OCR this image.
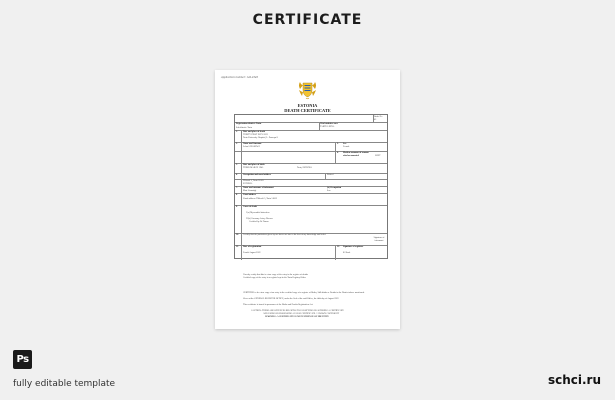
CERTIFICATE
Application number: 142-2345
ESTONIA
DEATH CERTIFICATE
Order No
63
Registration district: Tartu	Vital statistics area
TARTU LINNA
Sub-district: Tartu
1. Date and place of death
THIRTY FIRST JULY 2022
Tartu University Hospital, L. Puusepa 8
2. Name and Surname
Lehar LINAMÄGI
3. Sex
Female
4. Maiden surname of woman who has married	LEHT
5. Date and place of birth
THIRD MARCH 1945	Tartu, ESTONIA
6. Occupation and usual address	Retired
Ülikooli 5, Tartu 51003
ESTONIA
7. Name and surname of informant
Mart Linamägi
(b) Occupation
Son
8. Usual address
Usual address: Ülikooli 5, Tartu 51003
9. Cause of death
I (a) Myocardial infarction
II (b) Coronary Artery Disease
Certified by Dr Tamm
10. I certify that the particulars given by me above are true to the best of my knowledge and belief
Signature of informant
11. Date of registration
Fourth August 2022
12. Signature of registrar
K. Kask
I hereby certify that this is a true copy of the entry in the register of deaths
Certified copy of the entry in a register kept in the Tartu Registry Office
CERTIFIED to be a true copy of an entry in the certified copy of a register of Births, Still-births or Deaths in the District above mentioned.
Given at the GENERAL REGISTER OFFICE, under the Seal of the said Office, the fifth day of August 2022
This certificate is issued in pursuance of the Births and Deaths Registration Act.
CAUTION: THERE ARE OFFENCES RELATING TO FALSIFYING OR ALTERING A CERTIFICATE
AND USING OR POSSESSING A FALSE CERTIFICATE. ©CROWN COPYRIGHT
WARNING: A CERTIFICATE IS NOT EVIDENCE OF IDENTITY.
Ps
fully editable template	schci.ru
